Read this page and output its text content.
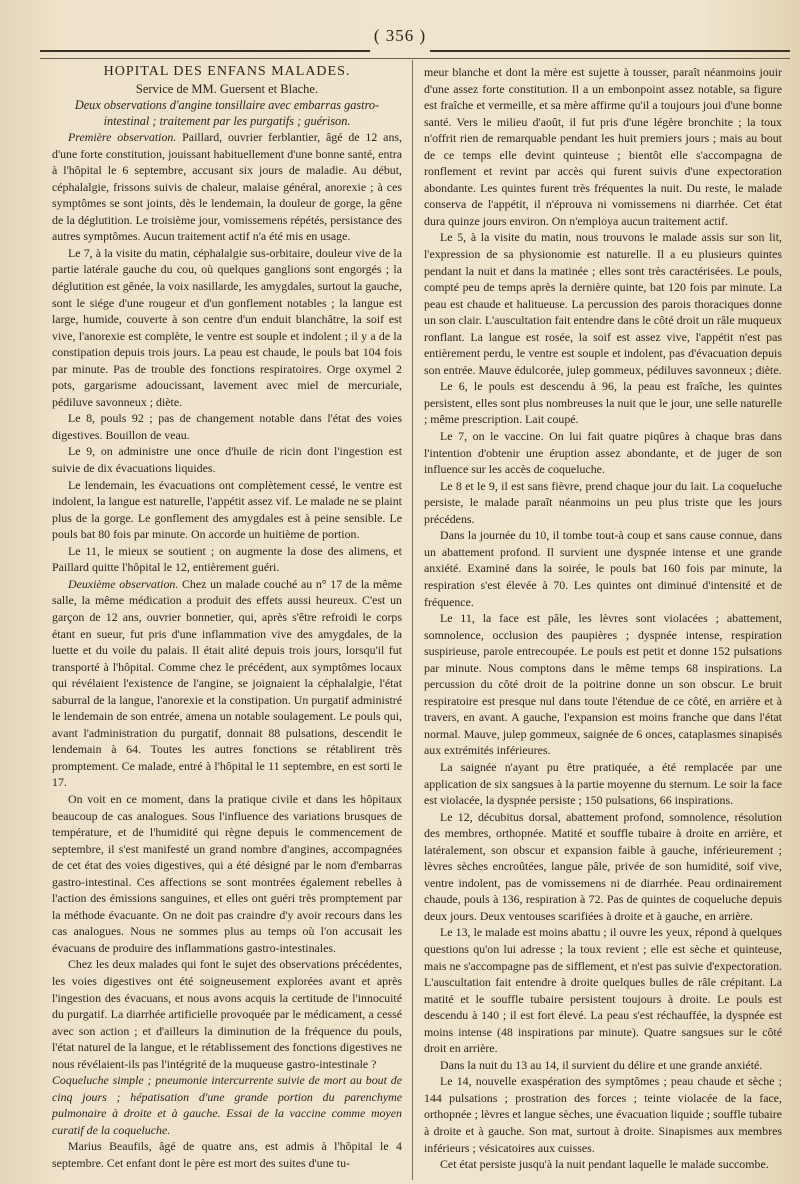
( 356 )

HOPITAL DES ENFANS MALADES.

Service de MM. Guersent et Blache.

Deux observations d'angine tonsillaire avec embarras gastro-intestinal ; traitement par les purgatifs ; guérison.

Première observation. Paillard, ouvrier ferblantier, âgé de 12 ans, d'une forte constitution, jouissant habituellement d'une bonne santé, entra à l'hôpital le 6 septembre, accusant six jours de maladie. Au début, céphalalgie, frissons suivis de chaleur, malaise général, anorexie ; à ces symptômes se sont joints, dès le lendemain, la douleur de gorge, la gêne de la déglutition. Le troisième jour, vomissemens répétés, persistance des autres symptômes. Aucun traitement actif n'a été mis en usage.

Le 7, à la visite du matin, céphalalgie sus-orbitaire, douleur vive de la partie latérale gauche du cou, où quelques ganglions sont engorgés ; la déglutition est gênée, la voix nasillarde, les amygdales, surtout la gauche, sont le siége d'une rougeur et d'un gonflement notables ; la langue est large, humide, couverte à son centre d'un enduit blanchâtre, la soif est vive, l'anorexie est complète, le ventre est souple et indolent ; il y a de la constipation depuis trois jours. La peau est chaude, le pouls bat 104 fois par minute. Pas de trouble des fonctions respiratoires. Orge oxymel 2 pots, gargarisme adoucissant, lavement avec miel de mercuriale, pédiluve savonneux ; diète.

Le 8, pouls 92 ; pas de changement notable dans l'état des voies digestives. Bouillon de veau.

Le 9, on administre une once d'huile de ricin dont l'ingestion est suivie de dix évacuations liquides.

Le lendemain, les évacuations ont complètement cessé, le ventre est indolent, la langue est naturelle, l'appétit assez vif. Le malade ne se plaint plus de la gorge. Le gonflement des amygdales est à peine sensible. Le pouls bat 80 fois par minute. On accorde un huitième de portion.

Le 11, le mieux se soutient ; on augmente la dose des alimens, et Paillard quitte l'hôpital le 12, entièrement guéri.

Deuxième observation. Chez un malade couché au n° 17 de la même salle, la même médication a produit des effets aussi heureux. C'est un garçon de 12 ans, ouvrier bonnetier, qui, après s'être refroidi le corps étant en sueur, fut pris d'une inflammation vive des amygdales, de la luette et du voile du palais. Il était alité depuis trois jours, lorsqu'il fut transporté à l'hôpital. Comme chez le précédent, aux symptômes locaux qui révélaient l'existence de l'angine, se joignaient la céphalalgie, l'état saburral de la langue, l'anorexie et la constipation. Un purgatif administré le lendemain de son entrée, amena un notable soulagement. Le pouls qui, avant l'administration du purgatif, donnait 88 pulsations, descendit le lendemain à 64. Toutes les autres fonctions se rétablirent très promptement. Ce malade, entré à l'hôpital le 11 septembre, en est sorti le 17.

On voit en ce moment, dans la pratique civile et dans les hôpitaux beaucoup de cas analogues. Sous l'influence des variations brusques de température, et de l'humidité qui règne depuis le commencement de septembre, il s'est manifesté un grand nombre d'angines, accompagnées de cet état des voies digestives, qui a été désigné par le nom d'embarras gastro-intestinal. Ces affections se sont montrées également rebelles à l'action des émissions sanguines, et elles ont guéri très promptement par la méthode évacuante. On ne doit pas craindre d'y avoir recours dans les cas analogues. Nous ne sommes plus au temps où l'on accusait les évacuans de produire des inflammations gastro-intestinales.

Chez les deux malades qui font le sujet des observations précédentes, les voies digestives ont été soigneusement explorées avant et après l'ingestion des évacuans, et nous avons acquis la certitude de l'innocuité du purgatif. La diarrhée artificielle provoquée par le médicament, a cessé avec son action ; et d'ailleurs la diminution de la fréquence du pouls, l'état naturel de la langue, et le rétablissement des fonctions digestives ne nous révélaient-ils pas l'intégrité de la muqueuse gastro-intestinale ?

Coqueluche simple ; pneumonie intercurrente suivie de mort au bout de cinq jours ; hépatisation d'une grande portion du parenchyme pulmonaire à droite et à gauche. Essai de la vaccine comme moyen curatif de la coqueluche.

Marius Beaufils, âgé de quatre ans, est admis à l'hôpital le 4 septembre. Cet enfant dont le père est mort des suites d'une tu-

meur blanche et dont la mère est sujette à tousser, paraît néanmoins jouir d'une assez forte constitution. Il a un embonpoint assez notable, sa figure est fraîche et vermeille, et sa mère affirme qu'il a toujours joui d'une bonne santé. Vers le milieu d'août, il fut pris d'une légère bronchite ; la toux n'offrit rien de remarquable pendant les huit premiers jours ; mais au bout de ce temps elle devint quinteuse ; bientôt elle s'accompagna de ronflement et revint par accès qui furent suivis d'une expectoration abondante. Les quintes furent très fréquentes la nuit. Du reste, le malade conserva de l'appétit, il n'éprouva ni vomissemens ni diarrhée. Cet état dura quinze jours environ. On n'employa aucun traitement actif.

Le 5, à la visite du matin, nous trouvons le malade assis sur son lit, l'expression de sa physionomie est naturelle. Il a eu plusieurs quintes pendant la nuit et dans la matinée ; elles sont très caractérisées. Le pouls, compté peu de temps après la dernière quinte, bat 120 fois par minute. La peau est chaude et halitueuse. La percussion des parois thoraciques donne un son clair. L'auscultation fait entendre dans le côté droit un râle muqueux ronflant. La langue est rosée, la soif est assez vive, l'appétit n'est pas entièrement perdu, le ventre est souple et indolent, pas d'évacuation depuis son entrée. Mauve édulcorée, julep gommeux, pédiluves savonneux ; diète.

Le 6, le pouls est descendu à 96, la peau est fraîche, les quintes persistent, elles sont plus nombreuses la nuit que le jour, une selle naturelle ; même prescription. Lait coupé.

Le 7, on le vaccine. On lui fait quatre piqûres à chaque bras dans l'intention d'obtenir une éruption assez abondante, et de juger de son influence sur les accès de coqueluche.

Le 8 et le 9, il est sans fièvre, prend chaque jour du lait. La coqueluche persiste, le malade paraît néanmoins un peu plus triste que les jours précédens.

Dans la journée du 10, il tombe tout-à coup et sans cause connue, dans un abattement profond. Il survient une dyspnée intense et une grande anxiété. Examiné dans la soirée, le pouls bat 160 fois par minute, la respiration s'est élevée à 70. Les quintes ont diminué d'intensité et de fréquence.

Le 11, la face est pâle, les lèvres sont violacées ; abattement, somnolence, occlusion des paupières ; dyspnée intense, respiration suspirieuse, parole entrecoupée. Le pouls est petit et donne 152 pulsations par minute. Nous comptons dans le même temps 68 inspirations. La percussion du côté droit de la poitrine donne un son obscur. Le bruit respiratoire est presque nul dans toute l'étendue de ce côté, en arrière et à travers, en avant. A gauche, l'expansion est moins franche que dans l'état normal. Mauve, julep gommeux, saignée de 6 onces, cataplasmes sinapisés aux extrémités inférieures.

La saignée n'ayant pu être pratiquée, a été remplacée par une application de six sangsues à la partie moyenne du sternum. Le soir la face est violacée, la dyspnée persiste ; 150 pulsations, 66 inspirations.

Le 12, décubitus dorsal, abattement profond, somnolence, résolution des membres, orthopnée. Matité et souffle tubaire à droite en arrière, et latéralement, son obscur et expansion faible à gauche, inférieurement ; lèvres sèches encroûtées, langue pâle, privée de son humidité, soif vive, ventre indolent, pas de vomissemens ni de diarrhée. Peau ordinairement chaude, pouls à 136, respiration à 72. Pas de quintes de coqueluche depuis deux jours. Deux ventouses scarifiées à droite et à gauche, en arrière.

Le 13, le malade est moins abattu ; il ouvre les yeux, répond à quelques questions qu'on lui adresse ; la toux revient ; elle est sèche et quinteuse, mais ne s'accompagne pas de sifflement, et n'est pas suivie d'expectoration. L'auscultation fait entendre à droite quelques bulles de râle crépitant. La matité et le souffle tubaire persistent toujours à droite. Le pouls est descendu à 140 ; il est fort élevé. La peau s'est réchauffée, la dyspnée est moins intense (48 inspirations par minute). Quatre sangsues sur le côté droit en arrière.

Dans la nuit du 13 au 14, il survient du délire et une grande anxiété.

Le 14, nouvelle exaspération des symptômes ; peau chaude et sèche ; 144 pulsations ; prostration des forces ; teinte violacée de la face, orthopnée ; lèvres et langue sèches, une évacuation liquide ; souffle tubaire à droite et à gauche. Son mat, surtout à droite. Sinapismes aux membres inférieurs ; vésicatoires aux cuisses.

Cet état persiste jusqu'à la nuit pendant laquelle le malade succombe.
